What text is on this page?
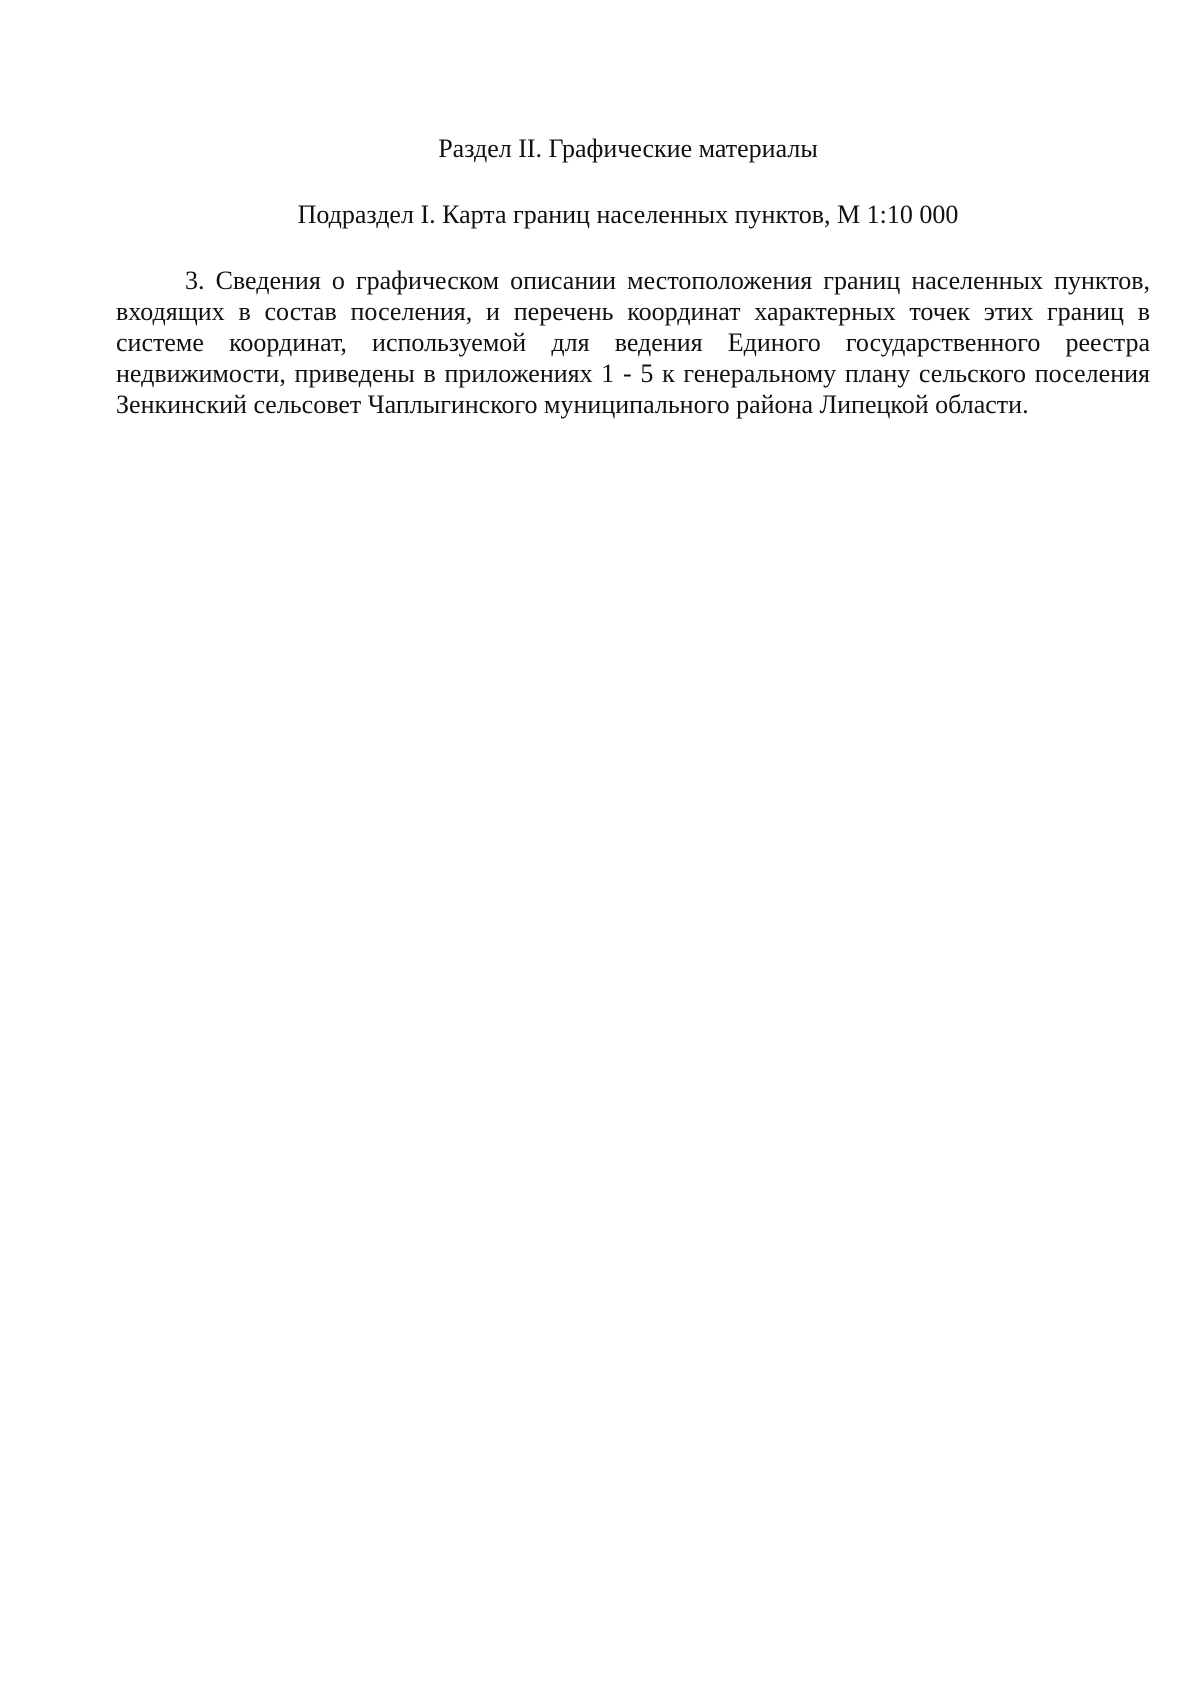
Раздел II. Графические материалы
Подраздел I. Карта границ населенных пунктов, М 1:10 000

3. Сведения о графическом описании местоположения границ населенных пунктов, входящих в состав поселения, и перечень координат характерных точек этих границ в системе координат, используемой для ведения Единого государственного реестра недвижимости, приведены в приложениях 1 - 5 к генеральному плану сельского поселения Зенкинский сельсовет Чаплыгинского муниципального района Липецкой области.
